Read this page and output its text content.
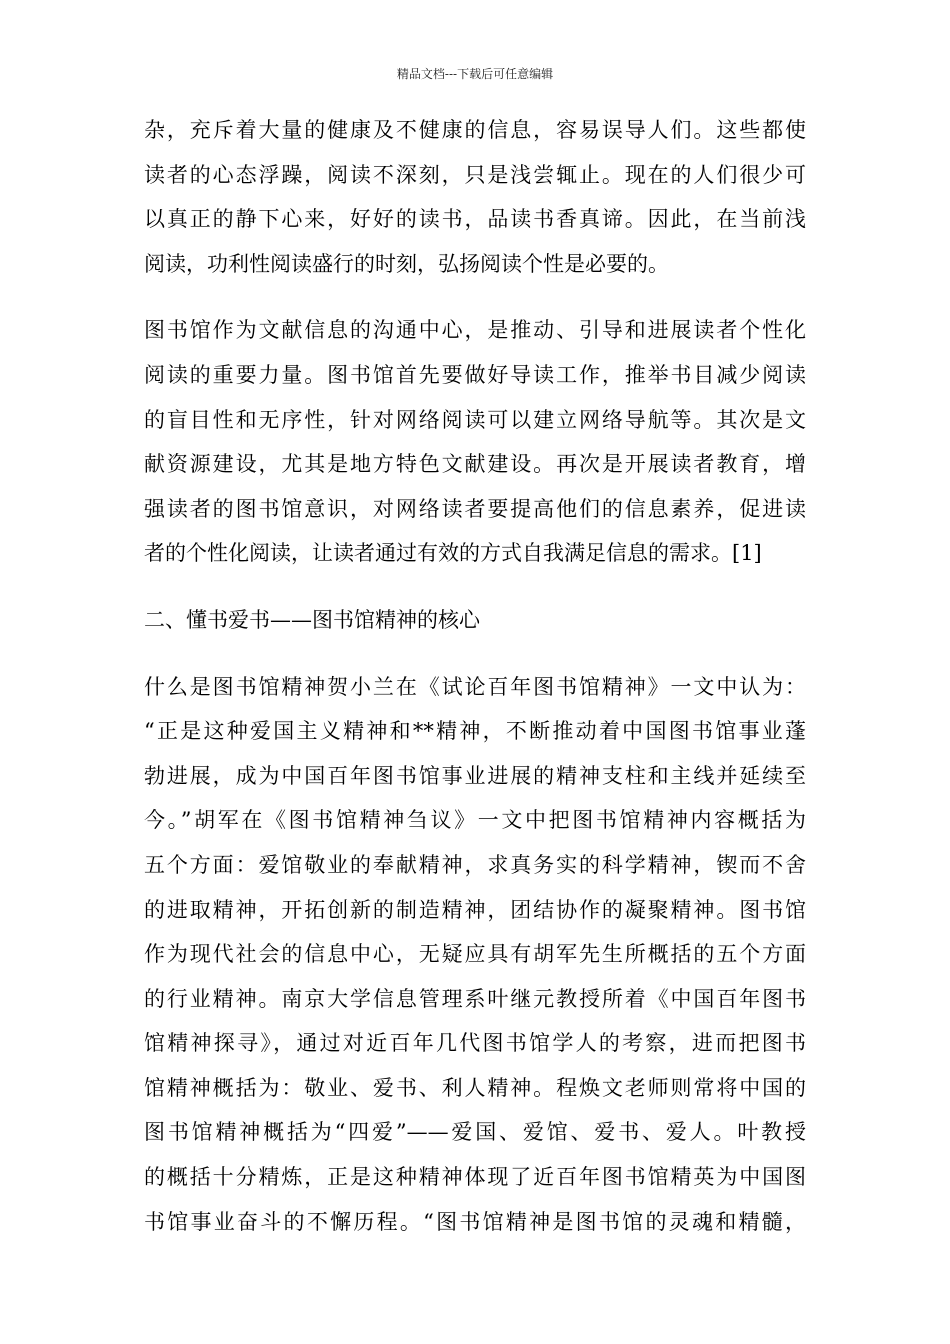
精品文档---下载后可任意编辑
杂，充斥着大量的健康及不健康的信息，容易误导人们。这些都使
读者的心态浮躁，阅读不深刻，只是浅尝辄止。现在的人们很少可
以真正的静下心来，好好的读书，品读书香真谛。因此，在当前浅
阅读，功利性阅读盛行的时刻，弘扬阅读个性是必要的。
图书馆作为文献信息的沟通中心，是推动、引导和进展读者个性化
阅读的重要力量。图书馆首先要做好导读工作，推举书目减少阅读
的盲目性和无序性，针对网络阅读可以建立网络导航等。其次是文
献资源建设，尤其是地方特色文献建设。再次是开展读者教育，增
强读者的图书馆意识，对网络读者要提高他们的信息素养，促进读
者的个性化阅读，让读者通过有效的方式自我满足信息的需求。[1]
二、懂书爱书——图书馆精神的核心
什么是图书馆精神贺小兰在《试论百年图书馆精神》一文中认为：
“正是这种爱国主义精神和**精神，不断推动着中国图书馆事业蓬
勃进展，成为中国百年图书馆事业进展的精神支柱和主线并延续至
今。”胡军在《图书馆精神刍议》一文中把图书馆精神内容概括为
五个方面：爱馆敬业的奉献精神，求真务实的科学精神，锲而不舍
的进取精神，开拓创新的制造精神，团结协作的凝聚精神。图书馆
作为现代社会的信息中心，无疑应具有胡军先生所概括的五个方面
的行业精神。南京大学信息管理系叶继元教授所着《中国百年图书
馆精神探寻》，通过对近百年几代图书馆学人的考察，进而把图书
馆精神概括为：敬业、爱书、利人精神。程焕文老师则常将中国的
图书馆精神概括为“四爱”——爱国、爱馆、爱书、爱人。叶教授
的概括十分精炼，正是这种精神体现了近百年图书馆精英为中国图
书馆事业奋斗的不懈历程。“图书馆精神是图书馆的灵魂和精髓，
